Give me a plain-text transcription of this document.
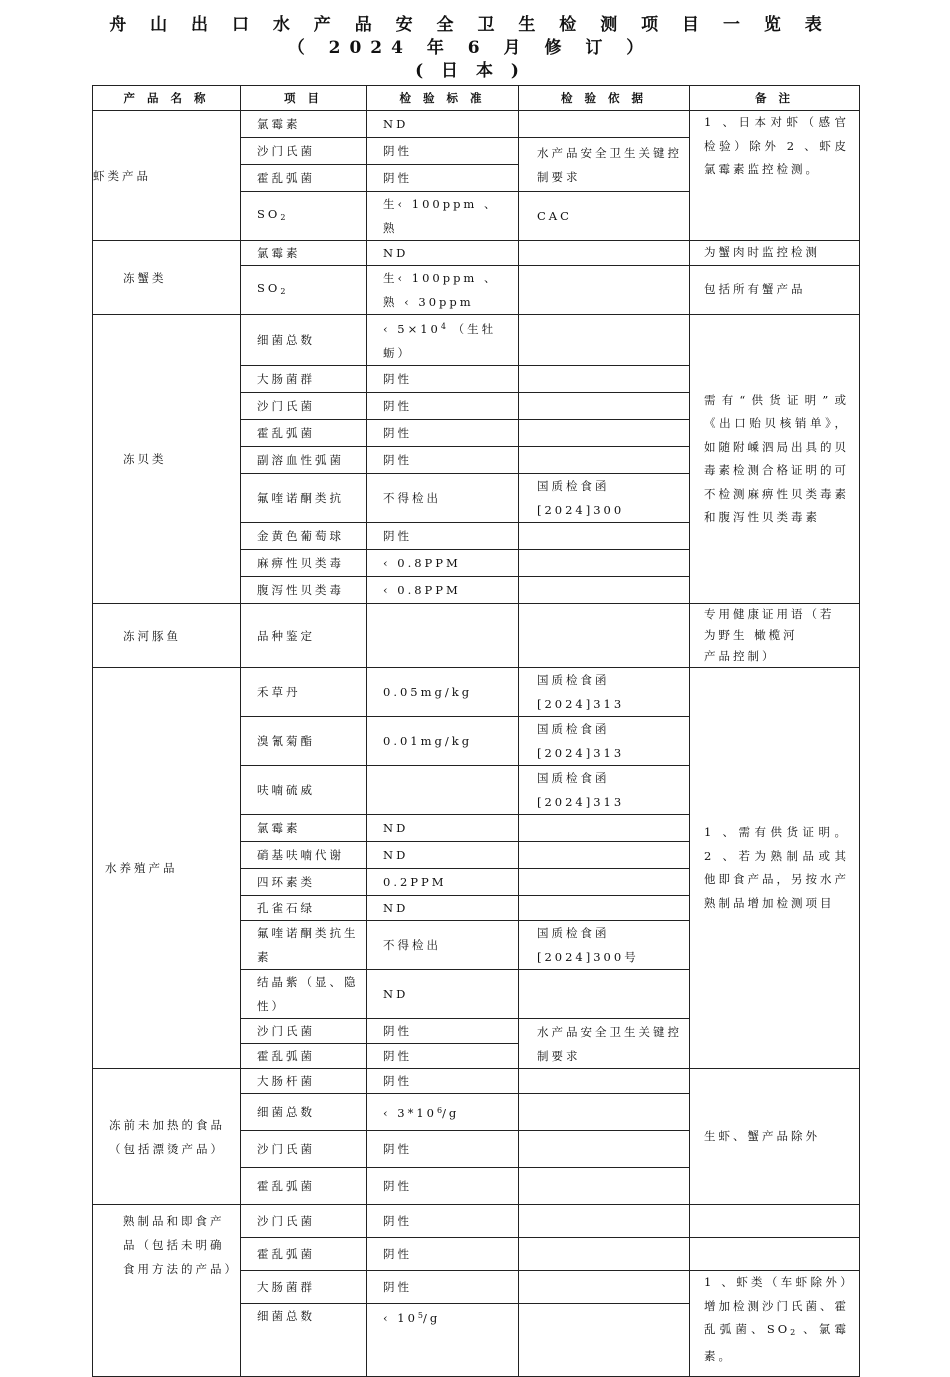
舟 山 出 口 水 产 品 安 全 卫 生 检 测 项 目 一 览 表 （ 2024 年 6 月 修 订 ）
( 日 本 )
产 品 名 称	项 目	检 验 标 准	检 验 依 据	备 注
虾类产品	氯霉素	ND		1 、日本对虾（感官检验）除外 2 、虾皮氯霉素监控检测。
	沙门氏菌	阴性	水产品安全卫生关键控制要求	
	霍乱弧菌	阴性		
	$SO_2$	生‹ 100ppm 、熟	CAC	
冻蟹类	氯霉素	ND		为蟹肉时监控检测
	$SO_2$	生‹ 100ppm 、熟 ‹ 30ppm		包括所有蟹产品
冻贝类	细菌总数	‹ $5\times 10^4$ （生牡蛎）		需有“供货证明”或《出口贻贝核销单》，如随附嵊泗局出具的贝毒素检测合格证明的可不检测麻痹性贝类毒素和腹泻性贝类毒素
	大肠菌群	阴性		
	沙门氏菌	阴性		
	霍乱弧菌	阴性		
	副溶血性弧菌	阴性		
	氟喹诺酮类抗	不得检出	国质检食函 [2024]300	
	金黄色葡萄球	阴性		
	麻痹性贝类毒	‹ 0.8PPM		
	腹泻性贝类毒	‹ 0.8PPM		
冻河豚鱼	品种鉴定			专用健康证用语（若
为野生 橄榄河
产品控制）

水养殖产品	禾草丹	0.05mg/kg	国质检食函 [2024]313	1 、需有供货证明。 2 、若为熟制品或其他即食产品，另按水产熟制品增加检测项目
	溴氰菊酯	0.01mg/kg	国质检食函 [2024]313	
	呋喃硫威		国质检食函 [2024]313	
	氯霉素	ND		
	硝基呋喃代谢	ND		
	四环素类	0.2PPM		
	孔雀石绿	ND		
	氟喹诺酮类抗生素	不得检出	国质检食函 [2024]300号	
	结晶紫（显、隐性）	ND		
	沙门氏菌	阴性	水产品安全卫生关键控制要求	
	霍乱弧菌	阴性		
冻前未加热的食品（包括漂烫产品）	大肠杆菌	阴性		生虾、蟹产品除外
	细菌总数	‹ $3*10^6/g$		
	沙门氏菌	阴性		
	霍乱弧菌	阴性		
熟制品和即食产品（包括未明确食用方法的产品）	沙门氏菌	阴性		
	霍乱弧菌	阴性		
	大肠菌群	阴性		1 、虾类（车虾除外）增加检测沙门氏菌、霍乱弧菌、$SO_2$ 、氯霉素。
	细菌总数	‹ $10^5/g$		
